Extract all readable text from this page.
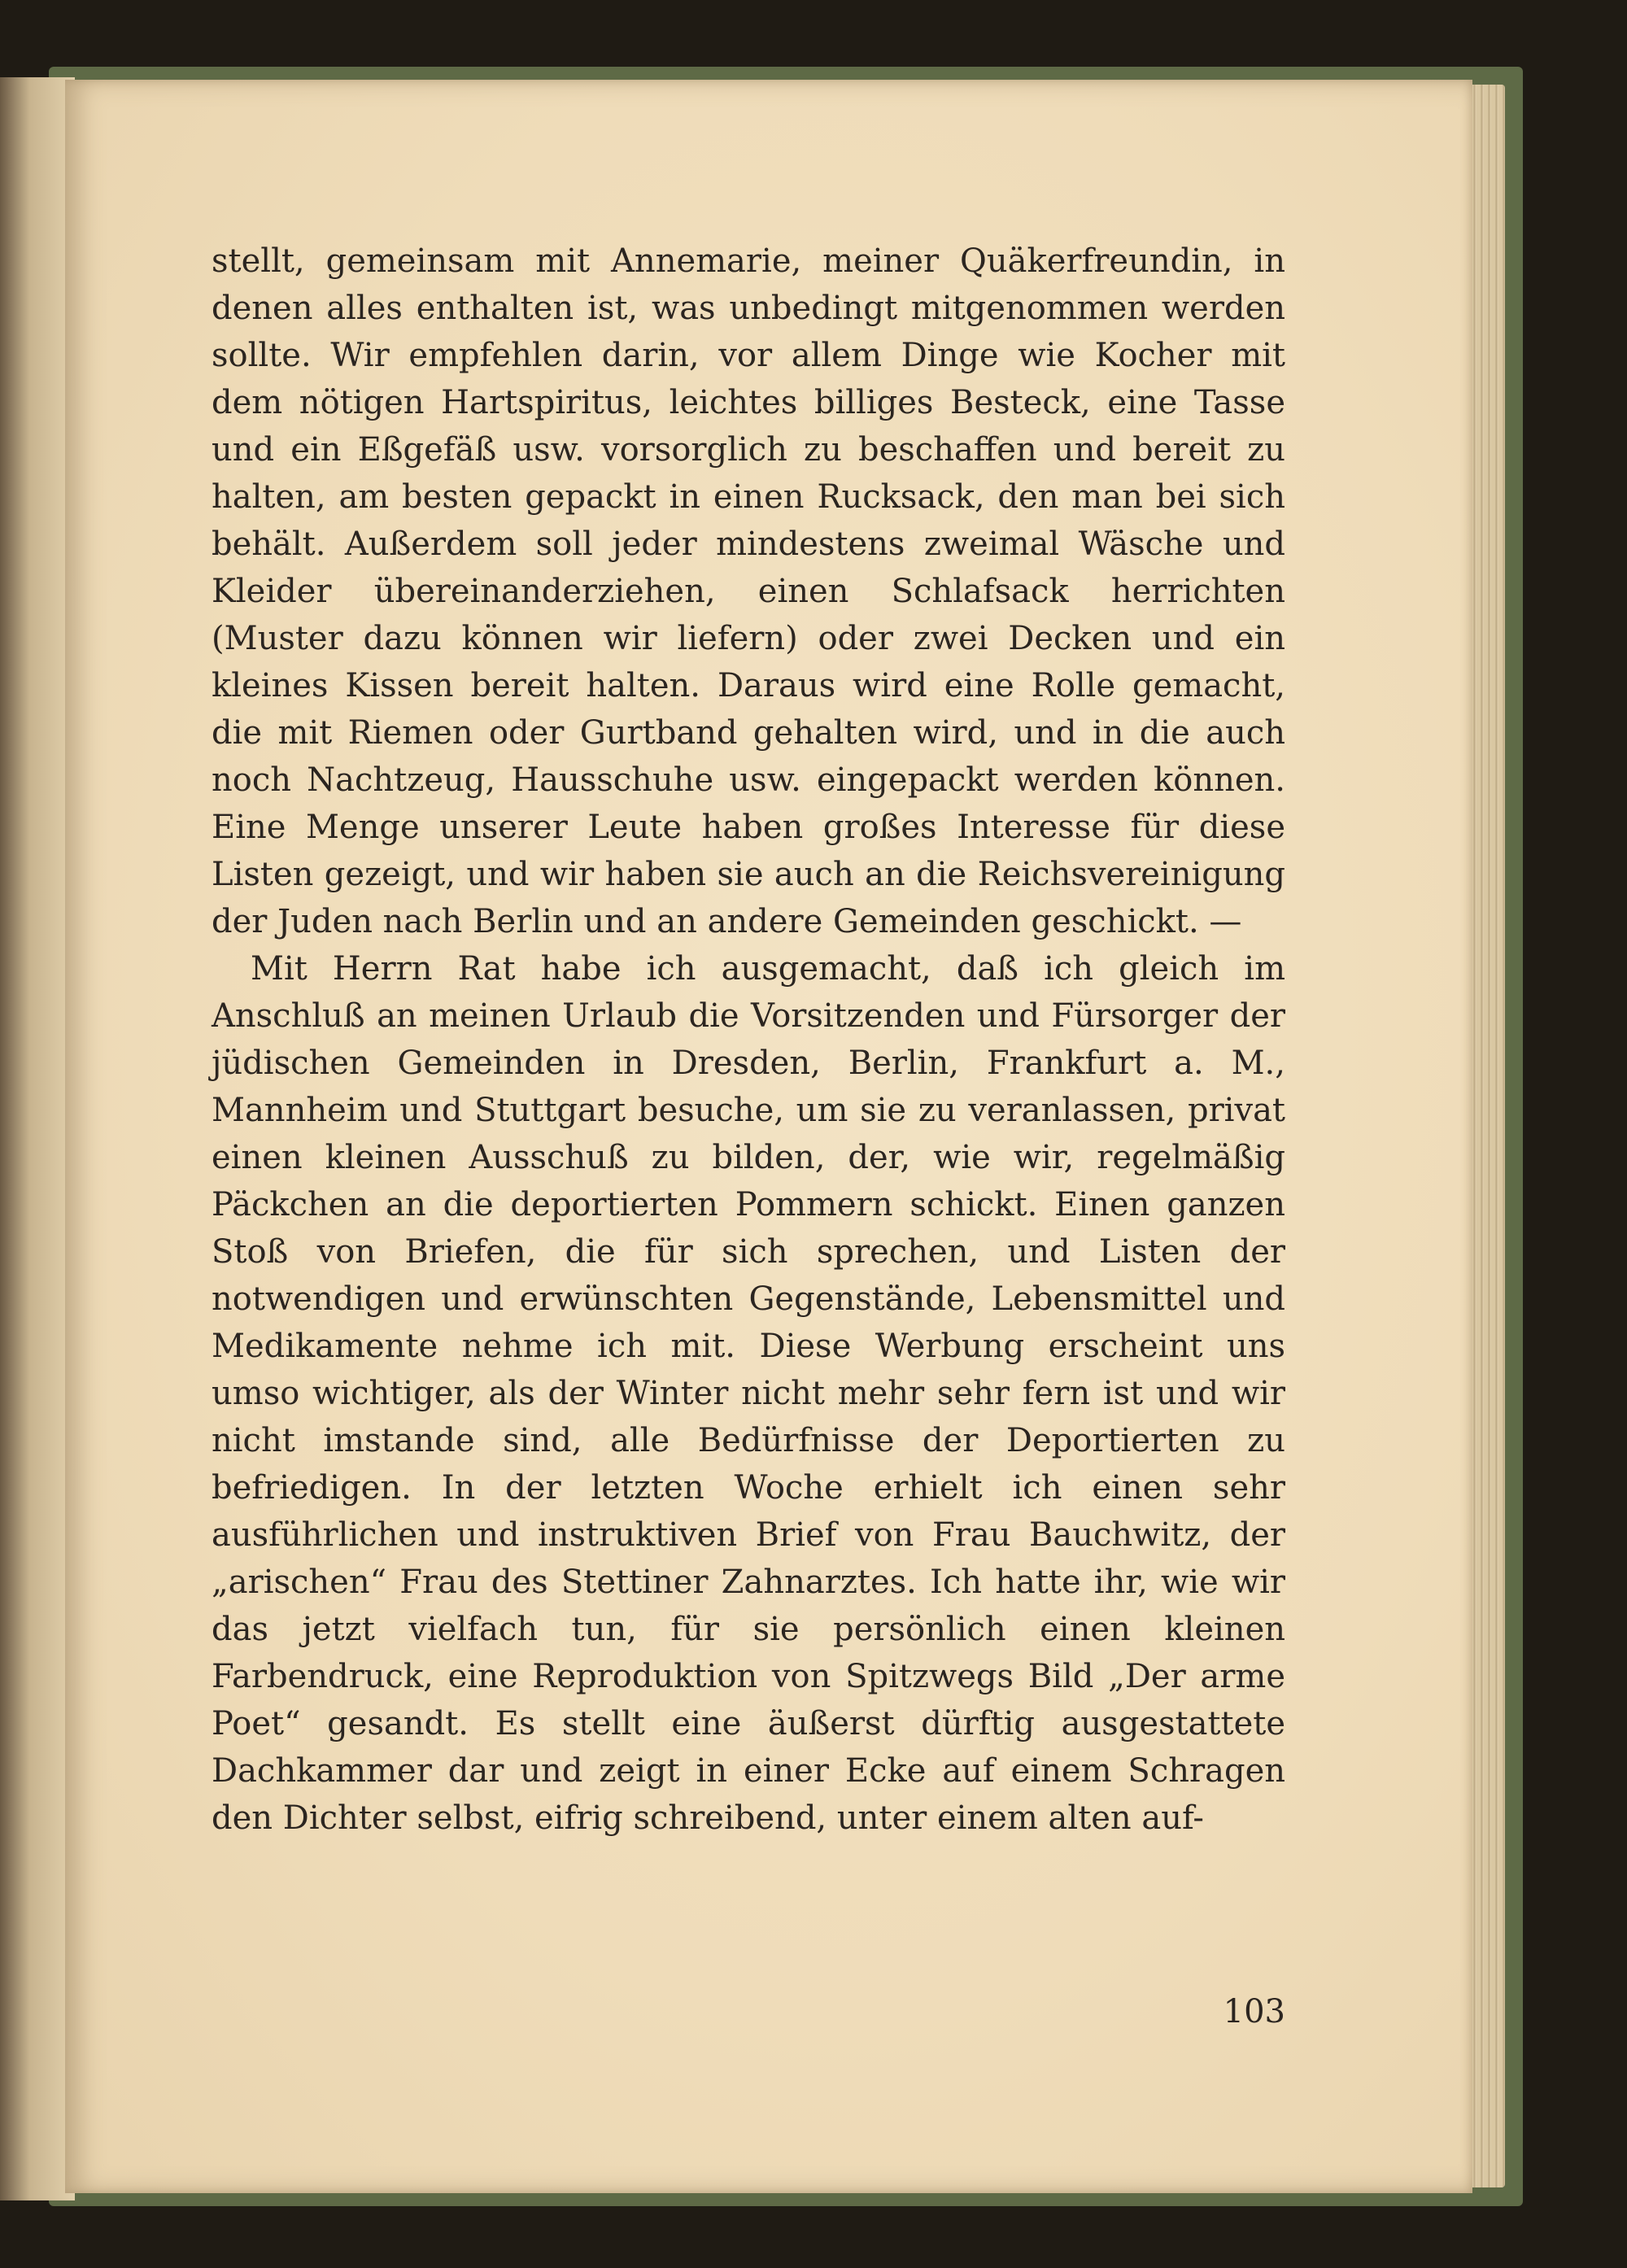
stellt, gemeinsam mit Annemarie, meiner Quäkerfreundin, in denen alles enthalten ist, was unbedingt mitgenommen werden sollte. Wir empfehlen darin, vor allem Dinge wie Kocher mit dem nötigen Hartspiritus, leichtes billiges Besteck, eine Tasse und ein Eßgefäß usw. vorsorglich zu beschaffen und bereit zu halten, am besten gepackt in einen Rucksack, den man bei sich behält. Außerdem soll jeder mindestens zweimal Wäsche und Kleider übereinanderziehen, einen Schlafsack herrichten (Muster dazu können wir liefern) oder zwei Decken und ein kleines Kissen bereit halten. Daraus wird eine Rolle gemacht, die mit Riemen oder Gurtband gehalten wird, und in die auch noch Nachtzeug, Hausschuhe usw. eingepackt werden können. Eine Menge unserer Leute haben großes Interesse für diese Listen gezeigt, und wir haben sie auch an die Reichsvereinigung der Juden nach Berlin und an andere Gemeinden geschickt. —

Mit Herrn Rat habe ich ausgemacht, daß ich gleich im Anschluß an meinen Urlaub die Vorsitzenden und Fürsorger der jüdischen Gemeinden in Dresden, Berlin, Frankfurt a. M., Mannheim und Stuttgart besuche, um sie zu veranlassen, privat einen kleinen Ausschuß zu bilden, der, wie wir, regelmäßig Päckchen an die deportierten Pommern schickt. Einen ganzen Stoß von Briefen, die für sich sprechen, und Listen der notwendigen und erwünschten Gegenstände, Lebensmittel und Medikamente nehme ich mit. Diese Werbung erscheint uns umso wichtiger, als der Winter nicht mehr sehr fern ist und wir nicht imstande sind, alle Bedürfnisse der Deportierten zu befriedigen. In der letzten Woche erhielt ich einen sehr ausführlichen und instruktiven Brief von Frau Bauchwitz, der „arischen“ Frau des Stettiner Zahnarztes. Ich hatte ihr, wie wir das jetzt vielfach tun, für sie persönlich einen kleinen Farbendruck, eine Reproduktion von Spitzwegs Bild „Der arme Poet“ gesandt. Es stellt eine äußerst dürftig ausgestattete Dachkammer dar und zeigt in einer Ecke auf einem Schragen den Dichter selbst, eifrig schreibend, unter einem alten auf-

103
